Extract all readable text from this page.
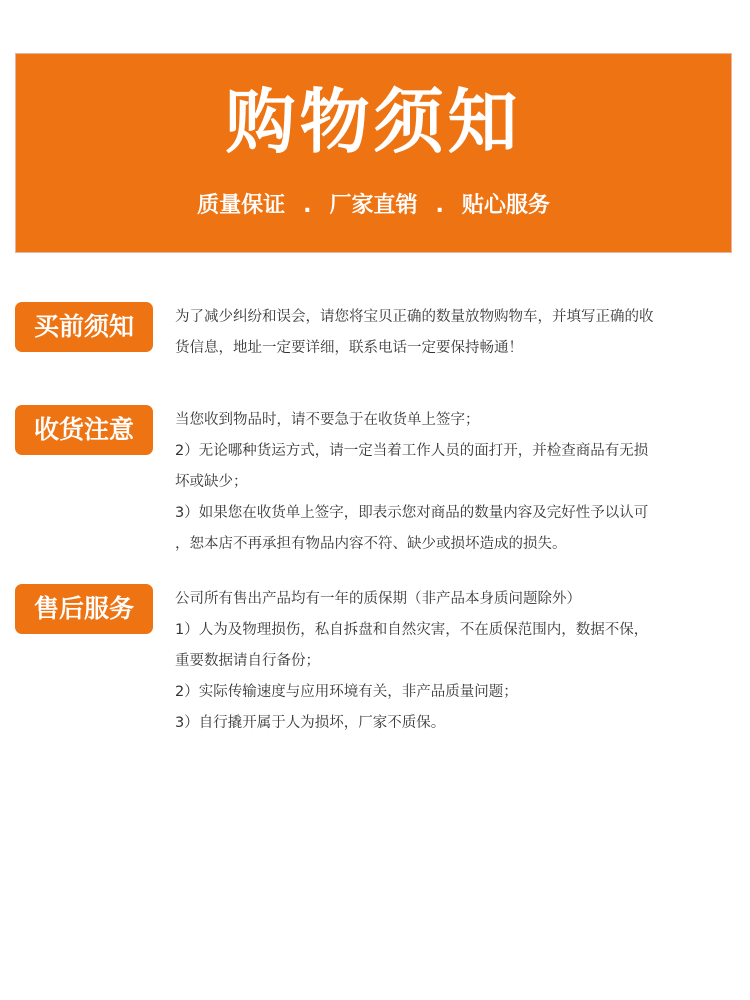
购物须知
质量保证 . 厂家直销 . 贴心服务
买前须知	为了减少纠纷和误会，请您将宝贝正确的数量放物购物车，并填写正确的收

货信息，地址一定要详细，联系电话一定要保持畅通！

收货注意	当您收到物品时，请不要急于在收货单上签字；

2）无论哪种货运方式，请一定当着工作人员的面打开，并检查商品有无损

坏或缺少；

3）如果您在收货单上签字，即表示您对商品的数量内容及完好性予以认可

，恕本店不再承担有物品内容不符、缺少或损坏造成的损失。

售后服务	公司所有售出产品均有一年的质保期（非产品本身质问题除外）

1）人为及物理损伤，私自拆盘和自然灾害，不在质保范围内，数据不保，

重要数据请自行备份；

2）实际传输速度与应用环境有关，非产品质量问题；

3）自行撬开属于人为损坏，厂家不质保。
